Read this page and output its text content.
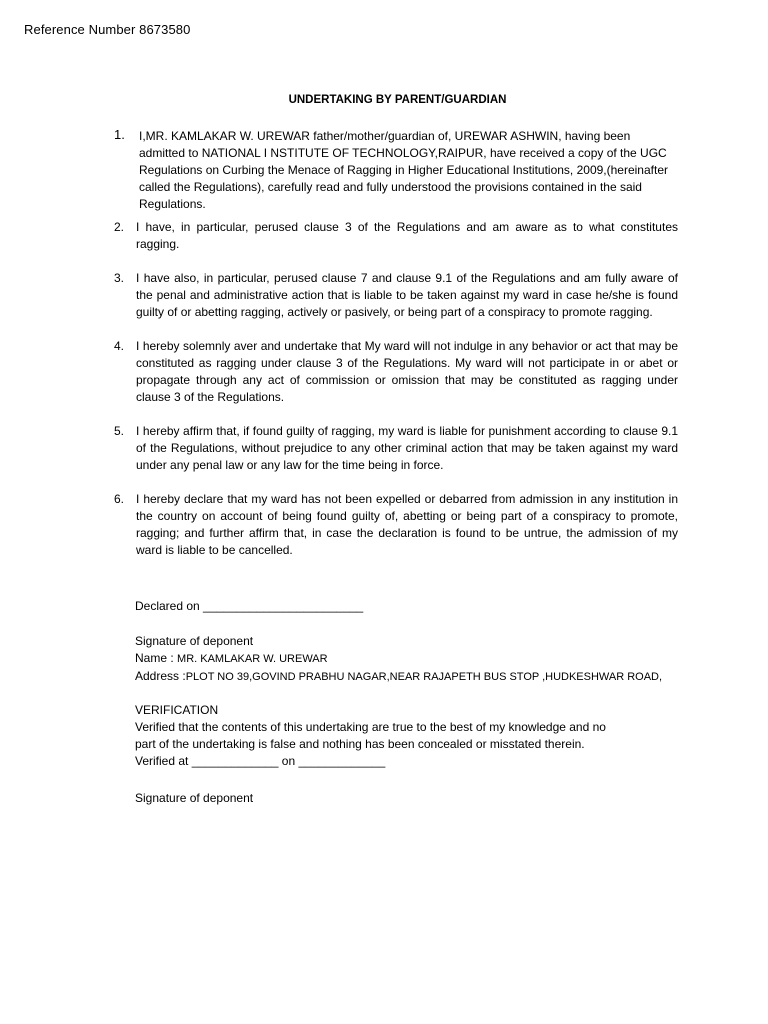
Reference Number 8673580
UNDERTAKING BY PARENT/GUARDIAN
1. I,MR. KAMLAKAR W. UREWAR father/mother/guardian of, UREWAR ASHWIN, having been admitted to NATIONAL I NSTITUTE OF TECHNOLOGY,RAIPUR, have received a copy of the UGC Regulations on Curbing the Menace of Ragging in Higher Educational Institutions, 2009,(hereinafter called the Regulations), carefully read and fully understood the provisions contained in the said Regulations.
2. I have, in particular, perused clause 3 of the Regulations and am aware as to what constitutes ragging.
3. I have also, in particular, perused clause 7 and clause 9.1 of the Regulations and am fully aware of the penal and administrative action that is liable to be taken against my ward in case he/she is found guilty of or abetting ragging, actively or pasively, or being part of a conspiracy to promote ragging.
4. I hereby solemnly aver and undertake that My ward will not indulge in any behavior or act that may be constituted as ragging under clause 3 of the Regulations. My ward will not participate in or abet or propagate through any act of commission or omission that may be constituted as ragging under clause 3 of the Regulations.
5. I hereby affirm that, if found guilty of ragging, my ward is liable for punishment according to clause 9.1 of the Regulations, without prejudice to any other criminal action that may be taken against my ward under any penal law or any law for the time being in force.
6. I hereby declare that my ward has not been expelled or debarred from admission in any institution in the country on account of being found guilty of, abetting or being part of a conspiracy to promote, ragging; and further affirm that, in case the declaration is found to be untrue, the admission of my ward is liable to be cancelled.
Declared on ________________________
Signature of deponent
Name : MR. KAMLAKAR W. UREWAR
Address :PLOT NO 39,GOVIND PRABHU NAGAR,NEAR RAJAPETH BUS STOP ,HUDKESHWAR ROAD,
VERIFICATION
Verified that the contents of this undertaking are true to the best of my knowledge and no
part of the undertaking is false and nothing has been concealed or misstated therein.
Verified at _____________ on _____________
Signature of deponent
